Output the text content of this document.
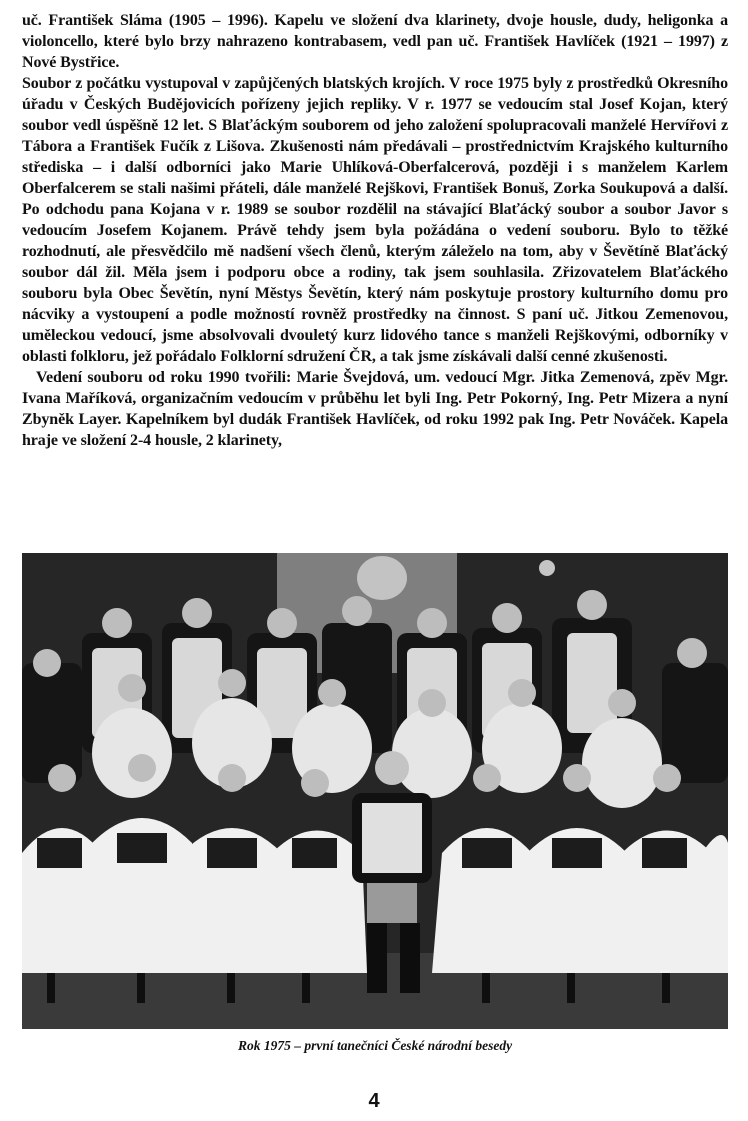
uč. František Sláma (1905 – 1996). Kapelu ve složení dva klarinety, dvoje housle, dudy, heligonka a violoncello, které bylo brzy nahrazeno kontrabasem, vedl pan uč. František Havlíček (1921 – 1997) z Nové Bystřice.

Soubor z počátku vystupoval v zapůjčených blatských krojích. V roce 1975 byly z prostředků Okresního úřadu v Českých Budějovicích pořízeny jejich repliky. V r. 1977 se vedoucím stal Josef Kojan, který soubor vedl úspěšně 12 let. S Blaťáckým souborem od jeho založení spolupracovali manželé Hervířovi z Tábora a František Fučík z Lišova. Zkušenosti nám předávali – prostřednictvím Krajského kulturního střediska – i další odborníci jako Marie Uhlíková-Oberfalcerová, později i s manželem Karlem Oberfalcerem se stali našimi přáteli, dále manželé Rejškovi, František Bonuš, Zorka Soukupová a další. Po odchodu pana Kojana v r. 1989 se soubor rozdělil na stávající Blaťácký soubor a soubor Javor s vedoucím Josefem Kojanem. Právě tehdy jsem byla požádána o vedení souboru. Bylo to těžké rozhodnutí, ale přesvědčilo mě nadšení všech členů, kterým záleželo na tom, aby v Ševětíně Blaťácký soubor dál žil. Měla jsem i podporu obce a rodiny, tak jsem souhlasila. Zřizovatelem Blaťáckého souboru byla Obec Ševětín, nyní Městys Ševětín, který nám poskytuje prostory kulturního domu pro nácviky a vystoupení a podle možností rovněž prostředky na činnost. S paní uč. Jitkou Zemenovou, uměleckou vedoucí, jsme absolvovali dvouletý kurz lidového tance s manželi Rejškovými, odborníky v oblasti folkloru, jež pořádalo Folklorní sdružení ČR, a tak jsme získávali další cenné zkušenosti.

Vedení souboru od roku 1990 tvořili: Marie Švejdová, um. vedoucí Mgr. Jitka Zemenová, zpěv Mgr. Ivana Maříková, organizačním vedoucím v průběhu let byli Ing. Petr Pokorný, Ing. Petr Mizera a nyní Zbyněk Layer. Kapelníkem byl dudák František Havlíček, od roku 1992 pak Ing. Petr Nováček. Kapela hraje ve složení 2-4 housle, 2 klarinety,

Rok 1975 – první tanečníci České národní besedy
4
